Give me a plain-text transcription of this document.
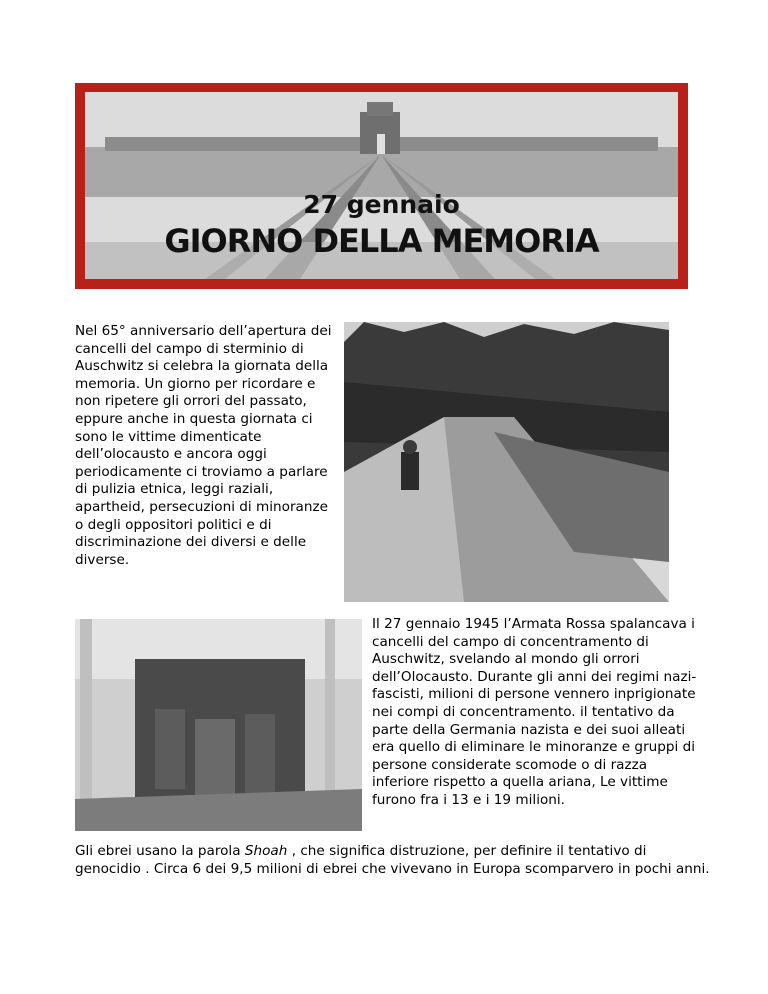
27 gennaio
GIORNO DELLA MEMORIA

Nel 65° anniversario dell’apertura dei cancelli del campo di sterminio di Auschwitz si celebra la giornata della memoria. Un giorno per ricordare e non ripetere gli orrori del passato, eppure anche in questa giornata ci sono le vittime dimenticate dell’olocausto e ancora oggi periodicamente ci troviamo a parlare di pulizia etnica, leggi raziali, apartheid, persecuzioni di minoranze o degli oppositori politici e di discriminazione dei diversi e delle diverse.

Il 27 gennaio 1945 l’Armata Rossa spalancava i cancelli del campo di concentramento di Auschwitz, svelando al mondo gli orrori dell’Olocausto. Durante gli anni dei regimi nazi-fascisti, milioni di persone vennero inprigionate nei compi di concentramento. il tentativo da parte della Germania nazista e dei suoi alleati era quello di eliminare le minoranze e gruppi di persone considerate scomode o di razza inferiore rispetto a quella ariana, Le vittime furono fra i 13 e i 19 milioni.

Gli ebrei usano la parola Shoah , che significa distruzione, per definire il tentativo di genocidio . Circa 6 dei 9,5 milioni di ebrei che vivevano in Europa scomparvero in pochi anni.
